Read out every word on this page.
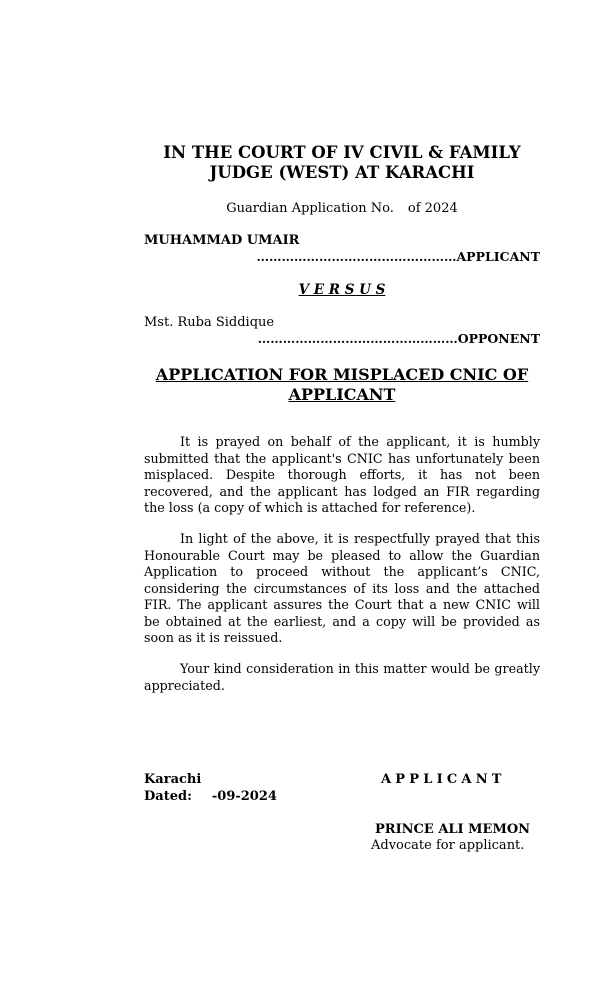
IN THE COURT OF IV CIVIL & FAMILY
JUDGE (WEST) AT KARACHI
Guardian Application No. of 2024
MUHAMMAD UMAIR
…………………………………………APPLICANT
V E R S U S
Mst. Ruba Siddique
…………………………………………OPPONENT
APPLICATION FOR MISPLACED CNIC OF
APPLICANT

It is prayed on behalf of the applicant, it is humbly submitted that the applicant's CNIC has unfortunately been misplaced. Despite thorough efforts, it has not been recovered, and the applicant has lodged an FIR regarding the loss (a copy of which is attached for reference).

In light of the above, it is respectfully prayed that this Honourable Court may be pleased to allow the Guardian Application to proceed without the applicant’s CNIC, considering the circumstances of its loss and the attached FIR. The applicant assures the Court that a new CNIC will be obtained at the earliest, and a copy will be provided as soon as it is reissued.

Your kind consideration in this matter would be greatly appreciated.

Karachi
Dated: -09-2024
APPLICANT
PRINCE ALI MEMON
Advocate for applicant.
